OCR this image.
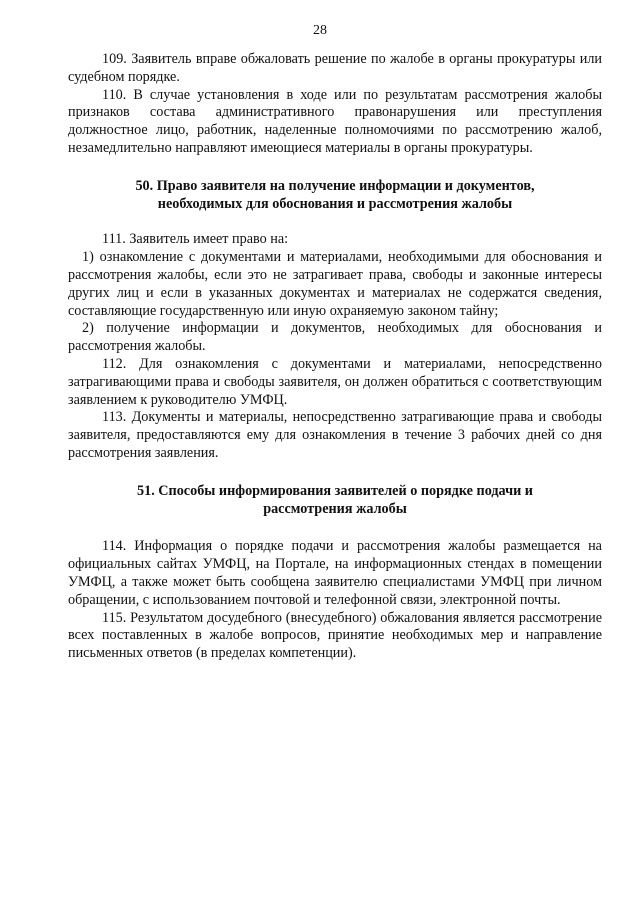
28

109. Заявитель вправе обжаловать решение по жалобе в органы прокуратуры или судебном порядке.

110. В случае установления в ходе или по результатам рассмотрения жалобы признаков состава административного правонарушения или преступления должностное лицо, работник, наделенные полномочиями по рассмотрению жалоб, незамедлительно направляют имеющиеся материалы в органы прокуратуры.

50. Право заявителя на получение информации и документов, необходимых для обоснования и рассмотрения жалобы

111. Заявитель имеет право на:

1) ознакомление с документами и материалами, необходимыми для обоснования и рассмотрения жалобы, если это не затрагивает права, свободы и законные интересы других лиц и если в указанных документах и материалах не содержатся сведения, составляющие государственную или иную охраняемую законом тайну;

2) получение информации и документов, необходимых для обоснования и рассмотрения жалобы.

112. Для ознакомления с документами и материалами, непосредственно затрагивающими права и свободы заявителя, он должен обратиться с соответствующим заявлением к руководителю УМФЦ.

113. Документы и материалы, непосредственно затрагивающие права и свободы заявителя, предоставляются ему для ознакомления в течение 3 рабочих дней со дня рассмотрения заявления.

51. Способы информирования заявителей о порядке подачи и рассмотрения жалобы

114. Информация о порядке подачи и рассмотрения жалобы размещается на официальных сайтах УМФЦ, на Портале, на информационных стендах в помещении УМФЦ, а также может быть сообщена заявителю специалистами УМФЦ при личном обращении, с использованием почтовой и телефонной связи, электронной почты.

115. Результатом досудебного (внесудебного) обжалования является рассмотрение всех поставленных в жалобе вопросов, принятие необходимых мер и направление письменных ответов (в пределах компетенции).
